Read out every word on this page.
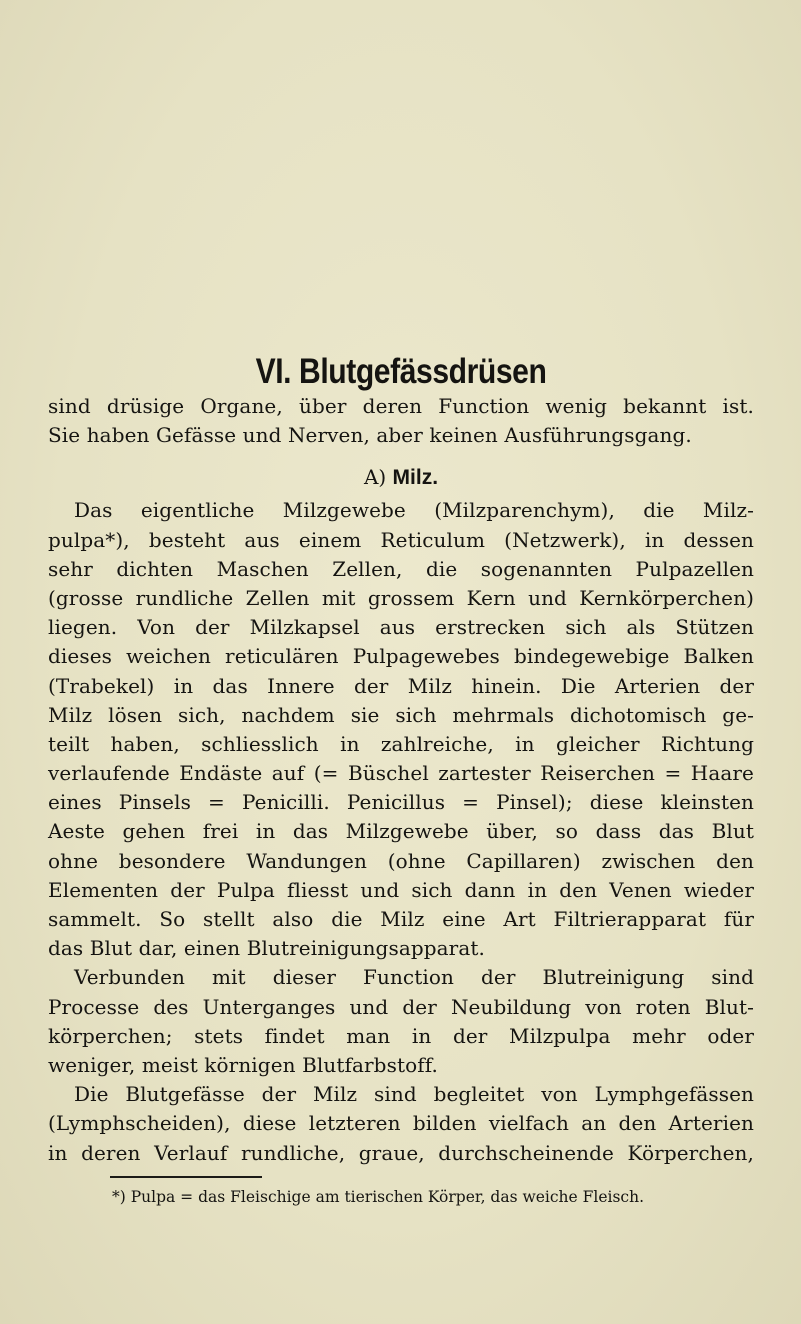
VI. Blutgefässdrüsen
sind drüsige Organe, über deren Function wenig bekannt ist.
Sie haben Gefässe und Nerven, aber keinen Ausführungsgang.
A) Milz.
Das eigentliche Milzgewebe (Milzparenchym), die Milz-
pulpa*), besteht aus einem Reticulum (Netzwerk), in dessen
sehr dichten Maschen Zellen, die sogenannten Pulpazellen
(grosse rundliche Zellen mit grossem Kern und Kernkörperchen)
liegen. Von der Milzkapsel aus erstrecken sich als Stützen
dieses weichen reticulären Pulpagewebes bindegewebige Balken
(Trabekel) in das Innere der Milz hinein. Die Arterien der
Milz lösen sich, nachdem sie sich mehrmals dichotomisch ge-
teilt haben, schliesslich in zahlreiche, in gleicher Richtung
verlaufende Endäste auf (= Büschel zartester Reiserchen = Haare
eines Pinsels = Penicilli. Penicillus = Pinsel); diese kleinsten
Aeste gehen frei in das Milzgewebe über, so dass das Blut
ohne besondere Wandungen (ohne Capillaren) zwischen den
Elementen der Pulpa fliesst und sich dann in den Venen wieder
sammelt. So stellt also die Milz eine Art Filtrierapparat für
das Blut dar, einen Blutreinigungsapparat.
Verbunden mit dieser Function der Blutreinigung sind
Processe des Unterganges und der Neubildung von roten Blut-
körperchen; stets findet man in der Milzpulpa mehr oder
weniger, meist körnigen Blutfarbstoff.
Die Blutgefässe der Milz sind begleitet von Lymphgefässen
(Lymphscheiden), diese letzteren bilden vielfach an den Arterien
in deren Verlauf rundliche, graue, durchscheinende Körperchen,
*) Pulpa = das Fleischige am tierischen Körper, das weiche Fleisch.
